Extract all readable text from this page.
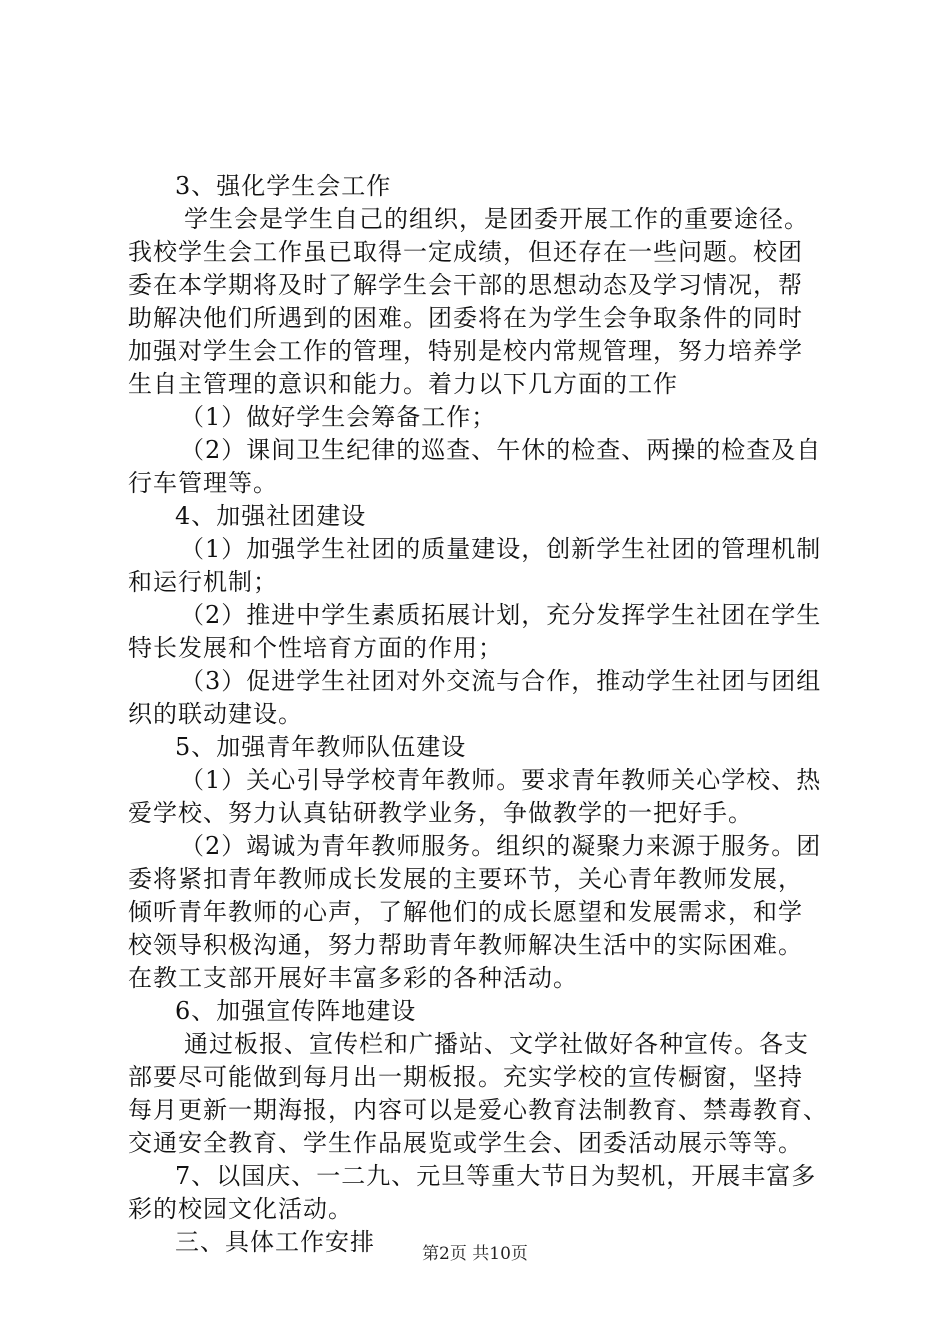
3、强化学生会工作
学生会是学生自己的组织，是团委开展工作的重要途径。
我校学生会工作虽已取得一定成绩，但还存在一些问题。校团
委在本学期将及时了解学生会干部的思想动态及学习情况，帮
助解决他们所遇到的困难。团委将在为学生会争取条件的同时
加强对学生会工作的管理，特别是校内常规管理，努力培养学
生自主管理的意识和能力。着力以下几方面的工作
（1）做好学生会筹备工作；
（2）课间卫生纪律的巡查、午休的检查、两操的检查及自
行车管理等。
4、加强社团建设
（1）加强学生社团的质量建设，创新学生社团的管理机制
和运行机制；
（2）推进中学生素质拓展计划，充分发挥学生社团在学生
特长发展和个性培育方面的作用；
（3）促进学生社团对外交流与合作，推动学生社团与团组
织的联动建设。
5、加强青年教师队伍建设
（1）关心引导学校青年教师。要求青年教师关心学校、热
爱学校、努力认真钻研教学业务，争做教学的一把好手。
（2）竭诚为青年教师服务。组织的凝聚力来源于服务。团
委将紧扣青年教师成长发展的主要环节，关心青年教师发展，
倾听青年教师的心声，了解他们的成长愿望和发展需求，和学
校领导积极沟通，努力帮助青年教师解决生活中的实际困难。
在教工支部开展好丰富多彩的各种活动。
6、加强宣传阵地建设
通过板报、宣传栏和广播站、文学社做好各种宣传。各支
部要尽可能做到每月出一期板报。充实学校的宣传橱窗，坚持
每月更新一期海报，内容可以是爱心教育法制教育、禁毒教育、
交通安全教育、学生作品展览或学生会、团委活动展示等等。
7、以国庆、一二九、元旦等重大节日为契机，开展丰富多
彩的校园文化活动。
三、具体工作安排	第2页 共10页
